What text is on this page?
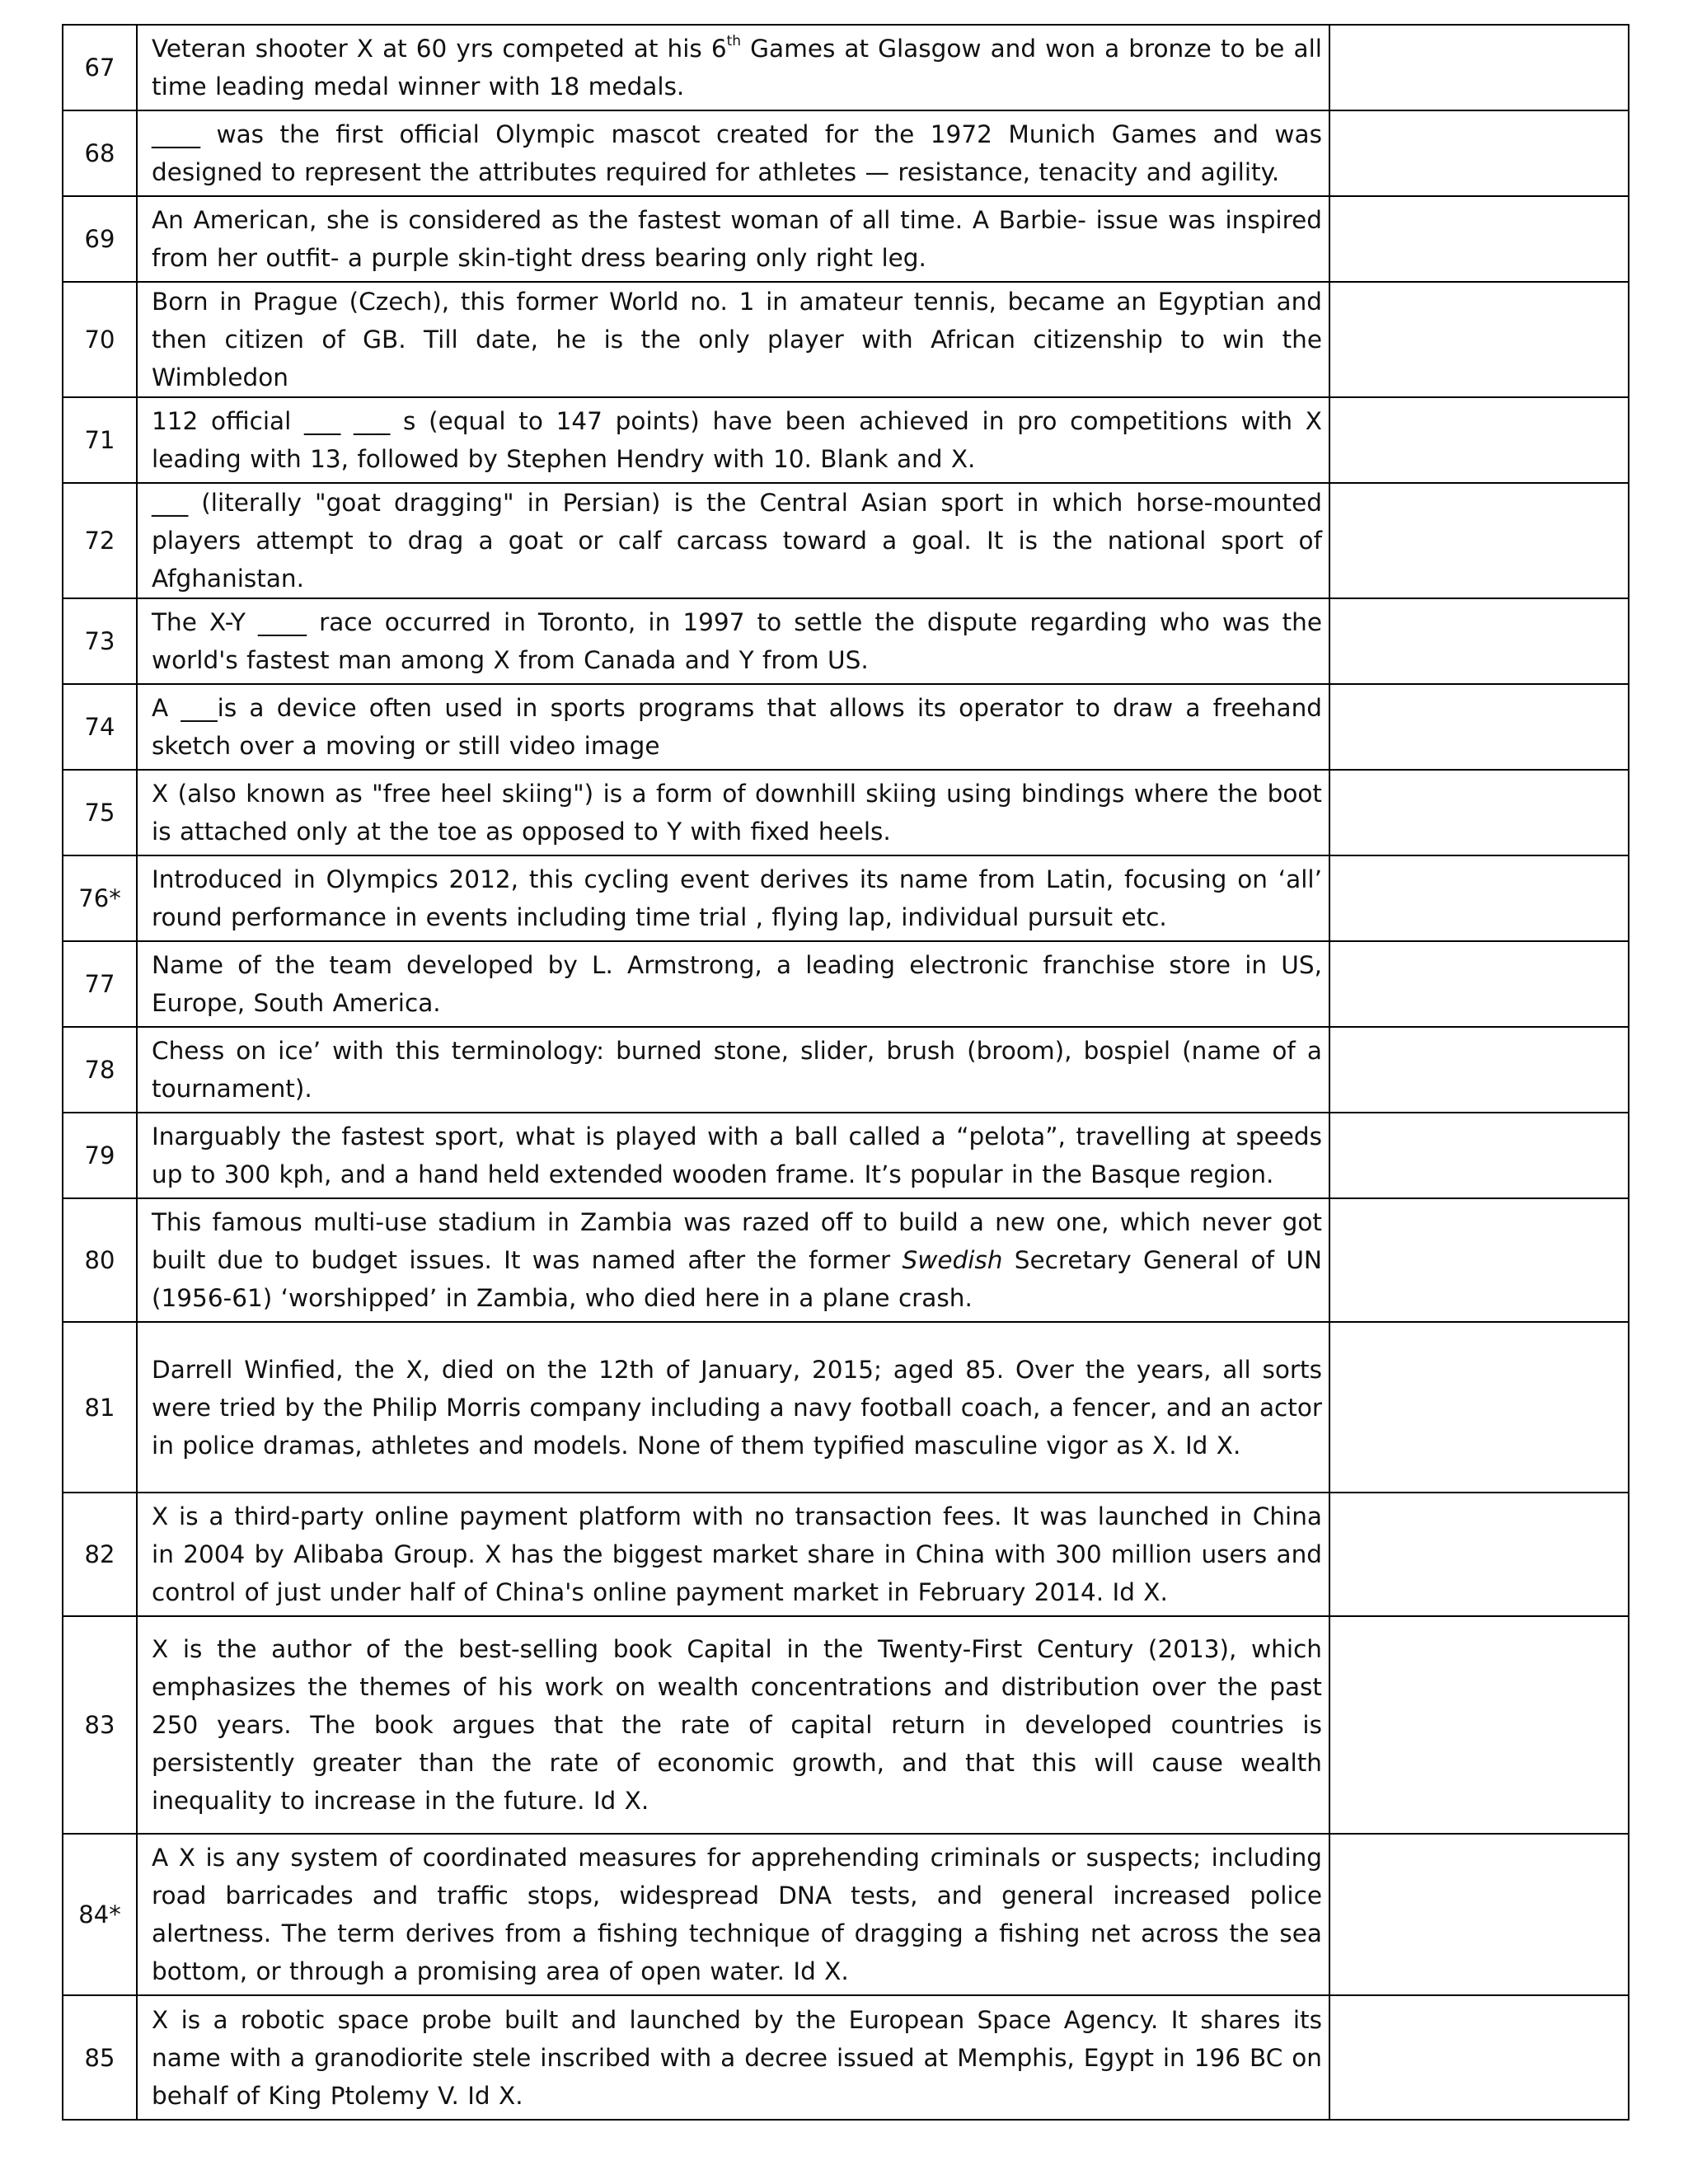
67	Veteran shooter X at 60 yrs competed at his 6th Games at Glasgow and won a bronze to be all time leading medal winner with 18 medals.	

68	____ was the first official Olympic mascot created for the 1972 Munich Games and was designed to represent the attributes required for athletes — resistance, tenacity and agility.	

69	An American, she is considered as the fastest woman of all time. A Barbie- issue was inspired from her outfit- a purple skin-tight dress bearing only right leg.	

70	Born in Prague (Czech), this former World no. 1 in amateur tennis, became an Egyptian and then citizen of GB. Till date, he is the only player with African citizenship to win the Wimbledon	

71	112 official ___ ___ s (equal to 147 points) have been achieved in pro competitions with X leading with 13, followed by Stephen Hendry with 10. Blank and X.	

72	___ (literally "goat dragging" in Persian) is the Central Asian sport in which horse-mounted players attempt to drag a goat or calf carcass toward a goal. It is the national sport of Afghanistan.	

73	The X-Y ____ race occurred in Toronto, in 1997 to settle the dispute regarding who was the world's fastest man among X from Canada and Y from US.	

74	A ___is a device often used in sports programs that allows its operator to draw a freehand sketch over a moving or still video image	

75	X (also known as "free heel skiing") is a form of downhill skiing using bindings where the boot is attached only at the toe as opposed to Y with fixed heels.	

76*	Introduced in Olympics 2012, this cycling event derives its name from Latin, focusing on ‘all’ round performance in events including time trial , flying lap, individual pursuit etc.	

77	Name of the team developed by L. Armstrong, a leading electronic franchise store in US, Europe, South America.	

78	Chess on ice’ with this terminology: burned stone, slider, brush (broom), bospiel (name of a tournament).	

79	Inarguably the fastest sport, what is played with a ball called a “pelota”, travelling at speeds up to 300 kph, and a hand held extended wooden frame. It’s popular in the Basque region.	

80	This famous multi-use stadium in Zambia was razed off to build a new one, which never got built due to budget issues. It was named after the former Swedish Secretary General of UN (1956-61) ‘worshipped’ in Zambia, who died here in a plane crash.	

81	Darrell Winfied, the X, died on the 12th of January, 2015; aged 85. Over the years, all sorts were tried by the Philip Morris company including a navy football coach, a fencer, and an actor in police dramas, athletes and models. None of them typified masculine vigor as X. Id X.	

82	X is a third-party online payment platform with no transaction fees. It was launched in China in 2004 by Alibaba Group. X has the biggest market share in China with 300 million users and control of just under half of China's online payment market in February 2014. Id X.	

83	X is the author of the best-selling book Capital in the Twenty-First Century (2013), which emphasizes the themes of his work on wealth concentrations and distribution over the past 250 years. The book argues that the rate of capital return in developed countries is persistently greater than the rate of economic growth, and that this will cause wealth inequality to increase in the future. Id X.	

84*	A X is any system of coordinated measures for apprehending criminals or suspects; including road barricades and traffic stops, widespread DNA tests, and general increased police alertness. The term derives from a fishing technique of dragging a fishing net across the sea bottom, or through a promising area of open water. Id X.	

85	X is a robotic space probe built and launched by the European Space Agency. It shares its name with a granodiorite stele inscribed with a decree issued at Memphis, Egypt in 196 BC on behalf of King Ptolemy V. Id X.	
